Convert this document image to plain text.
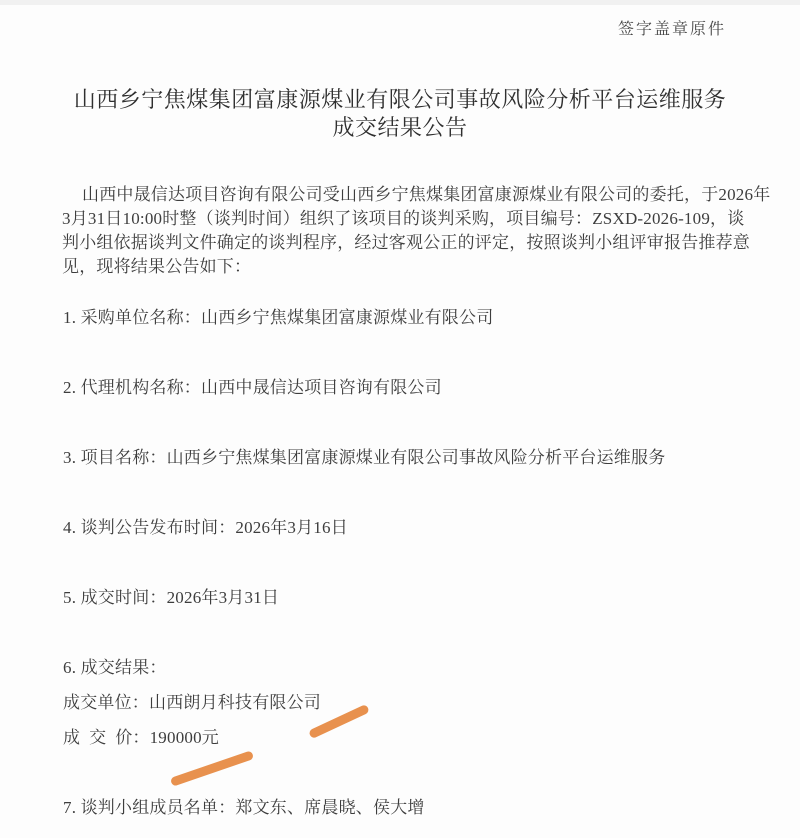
签字盖章原件
山西乡宁焦煤集团富康源煤业有限公司事故风险分析平台运维服务
成交结果公告
山西中晟信达项目咨询有限公司受山西乡宁焦煤集团富康源煤业有限公司的委托，于2026年
3月31日10:00时整（谈判时间）组织了该项目的谈判采购，项目编号：ZSXD-2026-109，谈
判小组依据谈判文件确定的谈判程序，经过客观公正的评定，按照谈判小组评审报告推荐意
见，现将结果公告如下：
1. 采购单位名称：山西乡宁焦煤集团富康源煤业有限公司
2. 代理机构名称：山西中晟信达项目咨询有限公司
3. 项目名称：山西乡宁焦煤集团富康源煤业有限公司事故风险分析平台运维服务
4. 谈判公告发布时间：2026年3月16日
5. 成交时间：2026年3月31日
6. 成交结果：
成交单位：山西朗月科技有限公司
成  交  价：190000元
7. 谈判小组成员名单：郑文东、席晨晓、侯大增
